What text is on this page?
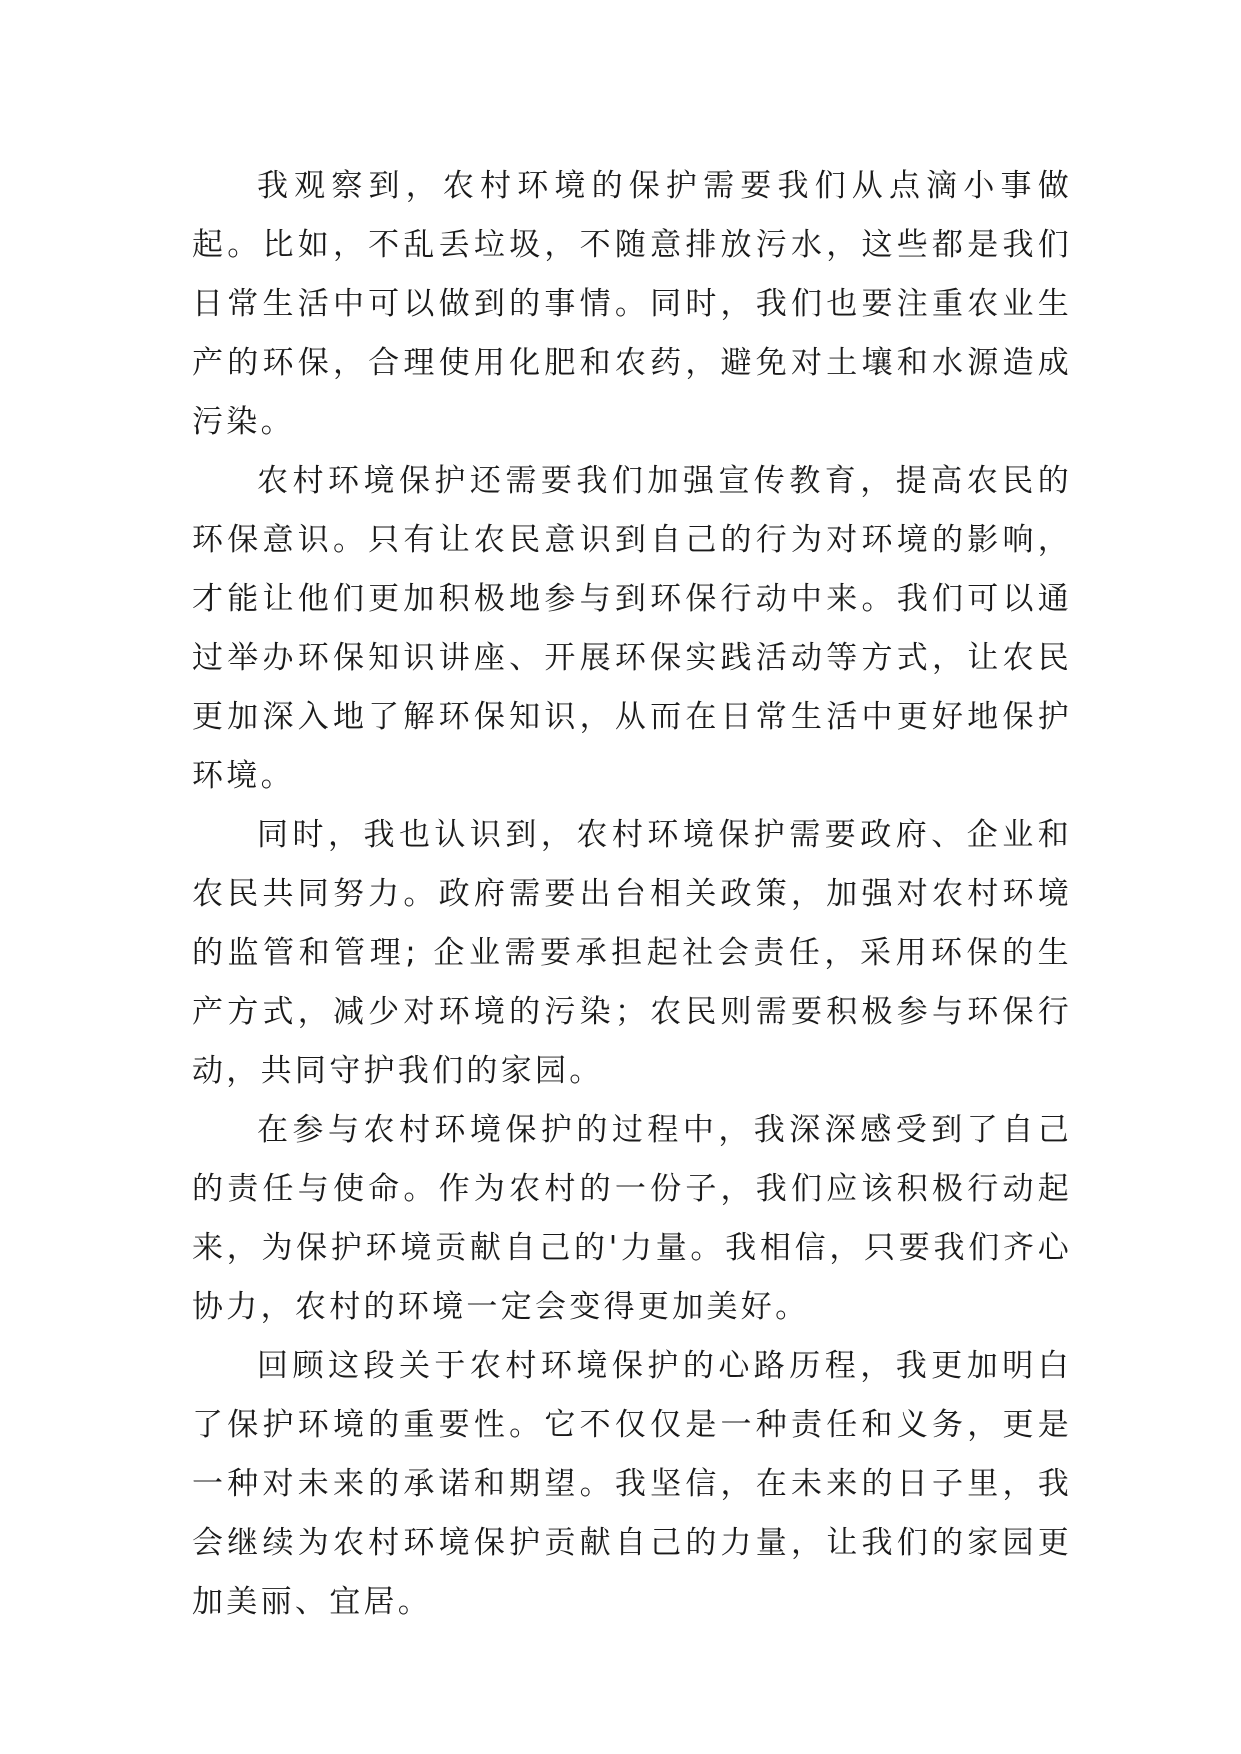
我观察到，农村环境的保护需要我们从点滴小事做起。比如，不乱丢垃圾，不随意排放污水，这些都是我们日常生活中可以做到的事情。同时，我们也要注重农业生产的环保，合理使用化肥和农药，避免对土壤和水源造成污染。

农村环境保护还需要我们加强宣传教育，提高农民的环保意识。只有让农民意识到自己的行为对环境的影响，才能让他们更加积极地参与到环保行动中来。我们可以通过举办环保知识讲座、开展环保实践活动等方式，让农民更加深入地了解环保知识，从而在日常生活中更好地保护环境。

同时，我也认识到，农村环境保护需要政府、企业和农民共同努力。政府需要出台相关政策，加强对农村环境的监管和管理; 企业需要承担起社会责任，采用环保的生产方式，减少对环境的污染；农民则需要积极参与环保行动，共同守护我们的家园。

在参与农村环境保护的过程中，我深深感受到了自己的责任与使命。作为农村的一份子，我们应该积极行动起来，为保护环境贡献自己的'力量。我相信，只要我们齐心协力，农村的环境一定会变得更加美好。

回顾这段关于农村环境保护的心路历程，我更加明白了保护环境的重要性。它不仅仅是一种责任和义务，更是一种对未来的承诺和期望。我坚信，在未来的日子里，我会继续为农村环境保护贡献自己的力量，让我们的家园更加美丽、宜居。
